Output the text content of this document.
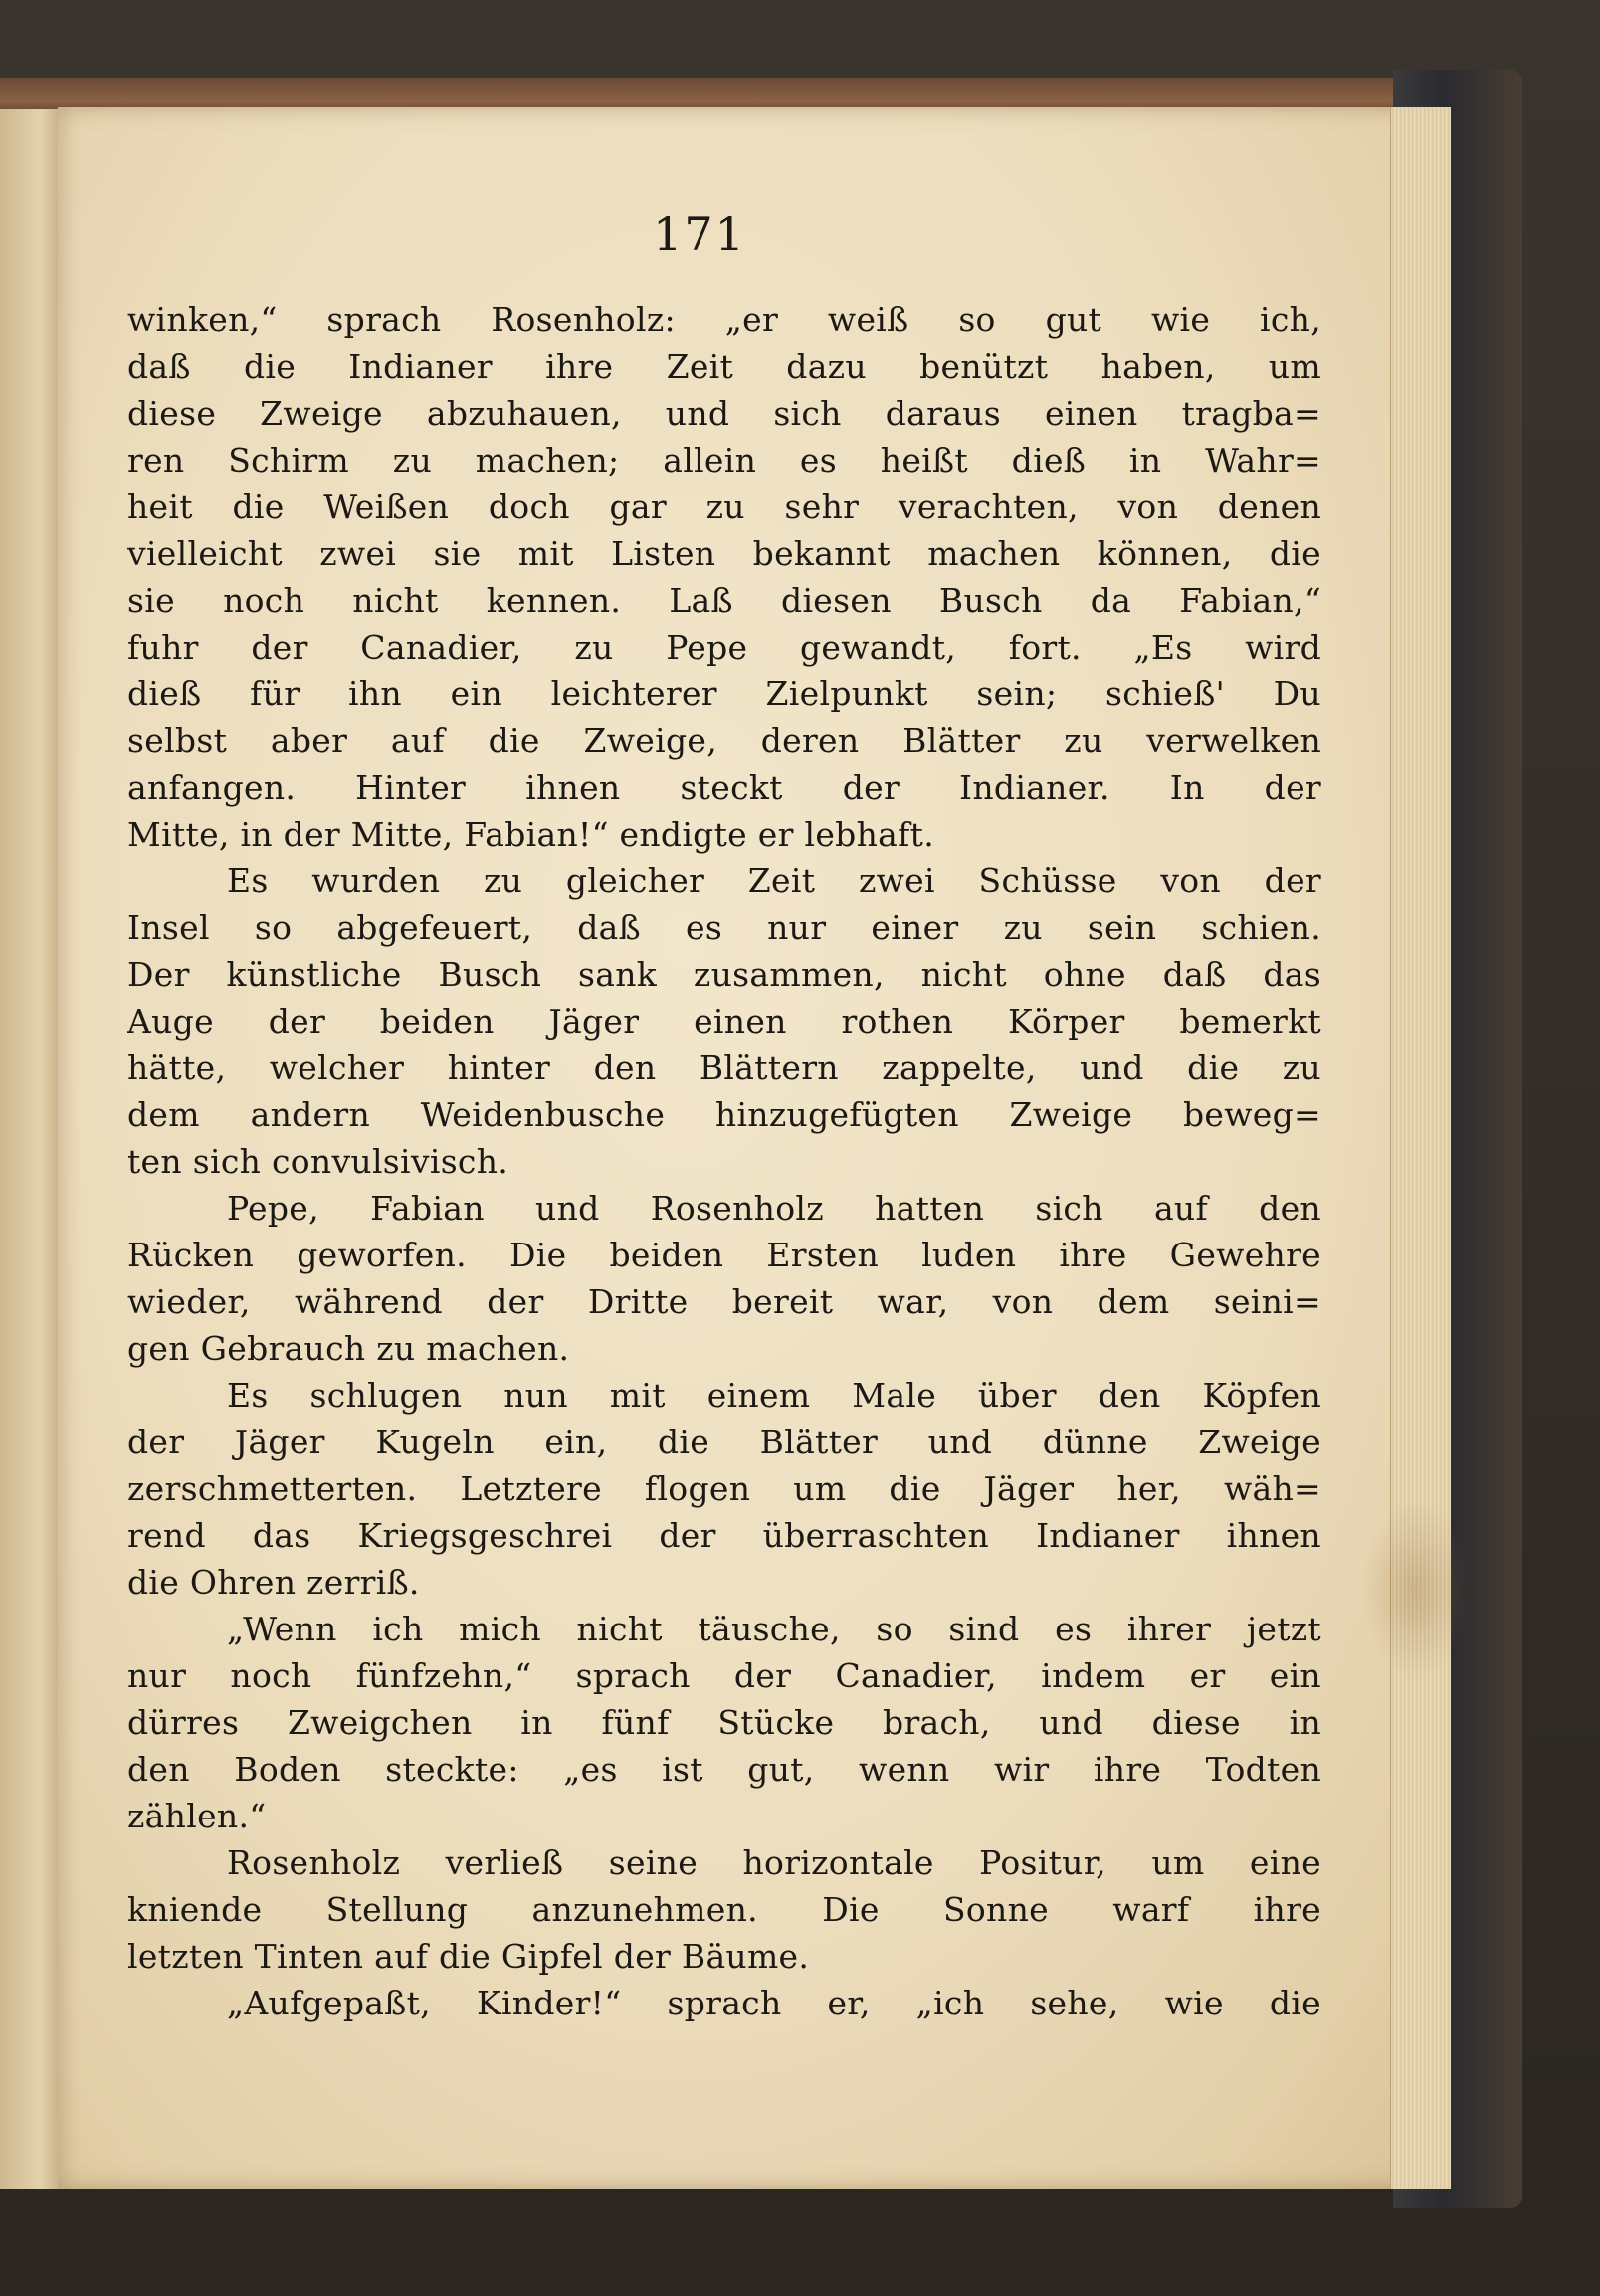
171
winken,“ sprach Rosenholz: „er weiß so gut wie ich,
daß die Indianer ihre Zeit dazu benützt haben, um
diese Zweige abzuhauen, und sich daraus einen tragba=
ren Schirm zu machen; allein es heißt dieß in Wahr=
heit die Weißen doch gar zu sehr verachten, von denen
vielleicht zwei sie mit Listen bekannt machen können, die
sie noch nicht kennen. Laß diesen Busch da Fabian,“
fuhr der Canadier, zu Pepe gewandt, fort. „Es wird
dieß für ihn ein leichterer Zielpunkt sein; schieß' Du
selbst aber auf die Zweige, deren Blätter zu verwelken
anfangen. Hinter ihnen steckt der Indianer. In der
Mitte, in der Mitte, Fabian!“ endigte er lebhaft.
Es wurden zu gleicher Zeit zwei Schüsse von der
Insel so abgefeuert, daß es nur einer zu sein schien.
Der künstliche Busch sank zusammen, nicht ohne daß das
Auge der beiden Jäger einen rothen Körper bemerkt
hätte, welcher hinter den Blättern zappelte, und die zu
dem andern Weidenbusche hinzugefügten Zweige beweg=
ten sich convulsivisch.
Pepe, Fabian und Rosenholz hatten sich auf den
Rücken geworfen. Die beiden Ersten luden ihre Gewehre
wieder, während der Dritte bereit war, von dem seini=
gen Gebrauch zu machen.
Es schlugen nun mit einem Male über den Köpfen
der Jäger Kugeln ein, die Blätter und dünne Zweige
zerschmetterten. Letztere flogen um die Jäger her, wäh=
rend das Kriegsgeschrei der überraschten Indianer ihnen
die Ohren zerriß.
„Wenn ich mich nicht täusche, so sind es ihrer jetzt
nur noch fünfzehn,“ sprach der Canadier, indem er ein
dürres Zweigchen in fünf Stücke brach, und diese in
den Boden steckte: „es ist gut, wenn wir ihre Todten
zählen.“
Rosenholz verließ seine horizontale Positur, um eine
kniende Stellung anzunehmen. Die Sonne warf ihre
letzten Tinten auf die Gipfel der Bäume.
„Aufgepaßt, Kinder!“ sprach er, „ich sehe, wie die
